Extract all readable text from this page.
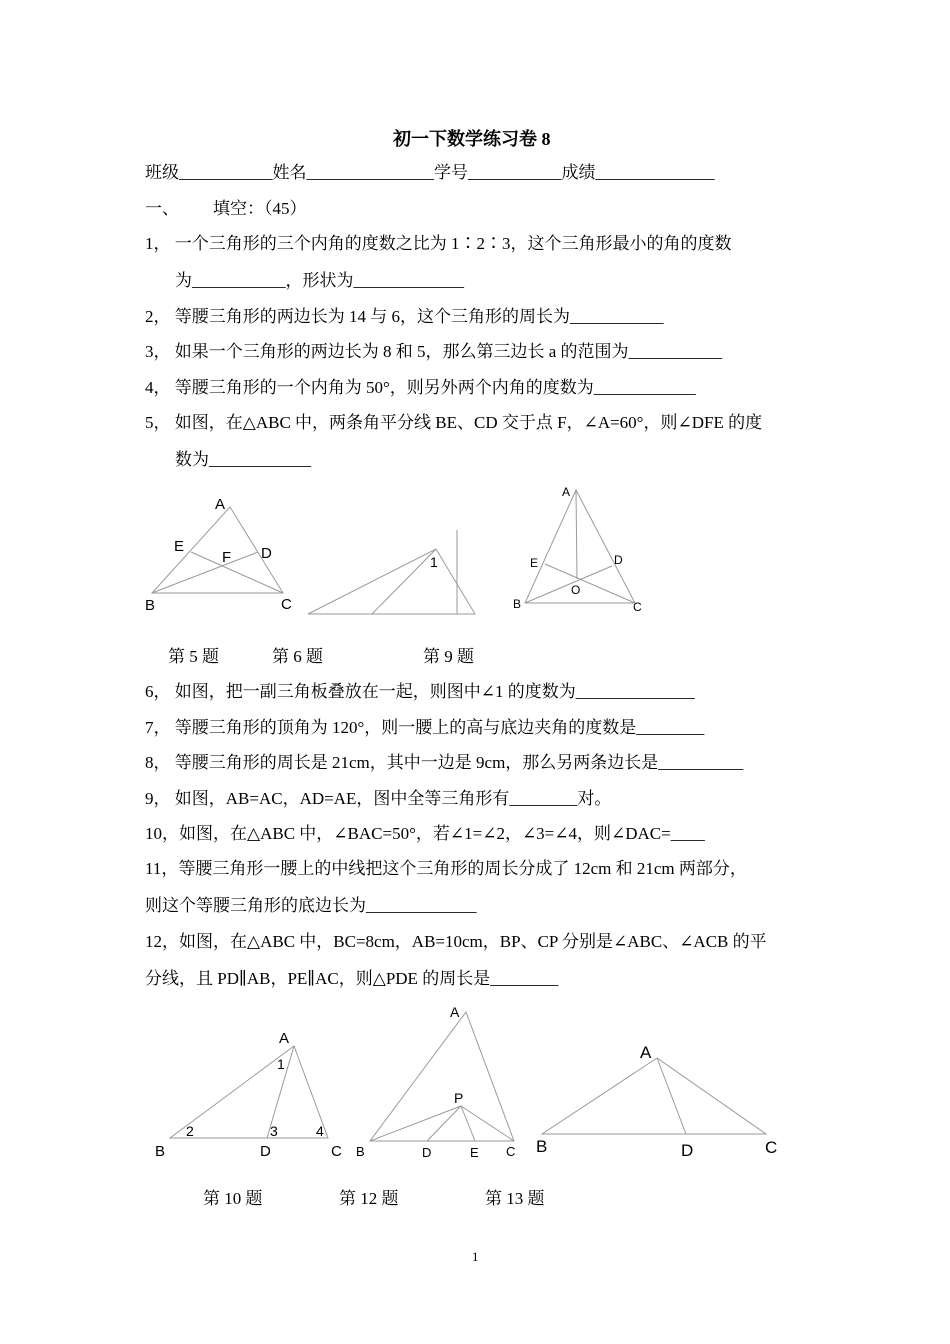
初一下数学练习卷 8
班级___________姓名_______________学号___________成绩______________
一、 填空：（45）
1， 一个三角形的三个内角的度数之比为 1∶2∶3，这个三角形最小的角的度数
为___________，形状为_____________
2， 等腰三角形的两边长为 14 与 6，这个三角形的周长为___________
3， 如果一个三角形的两边长为 8 和 5，那么第三边长 a 的范围为___________
4， 等腰三角形的一个内角为 50°，则另外两个内角的度数为____________
5， 如图，在△ABC 中，两条角平分线 BE、CD 交于点 F，∠A=60°，则∠DFE 的度
数为____________
A
E
F D
B	C
1
A
E	D
O
B	C
第 5 题	第 6 题	第 9 题
6， 如图，把一副三角板叠放在一起，则图中∠1 的度数为______________
7， 等腰三角形的顶角为 120°，则一腰上的高与底边夹角的度数是________
8， 等腰三角形的周长是 21cm，其中一边是 9cm，那么另两条边长是__________
9， 如图，AB=AC，AD=AE，图中全等三角形有________对。
10，如图，在△ABC 中，∠BAC=50°，若∠1=∠2，∠3=∠4，则∠DAC=____
11，等腰三角形一腰上的中线把这个三角形的周长分成了 12cm 和 21cm 两部分，
则这个等腰三角形的底边长为_____________
12，如图，在△ABC 中，BC=8cm，AB=10cm，BP、CP 分别是∠ABC、∠ACB 的平
分线，且 PD∥AB，PE∥AC，则△PDE 的周长是________
A
1
2	3	4
B	D	C
A
P
B	D	E C
A
B	D	C
第 10 题	第 12 题	第 13 题
1
